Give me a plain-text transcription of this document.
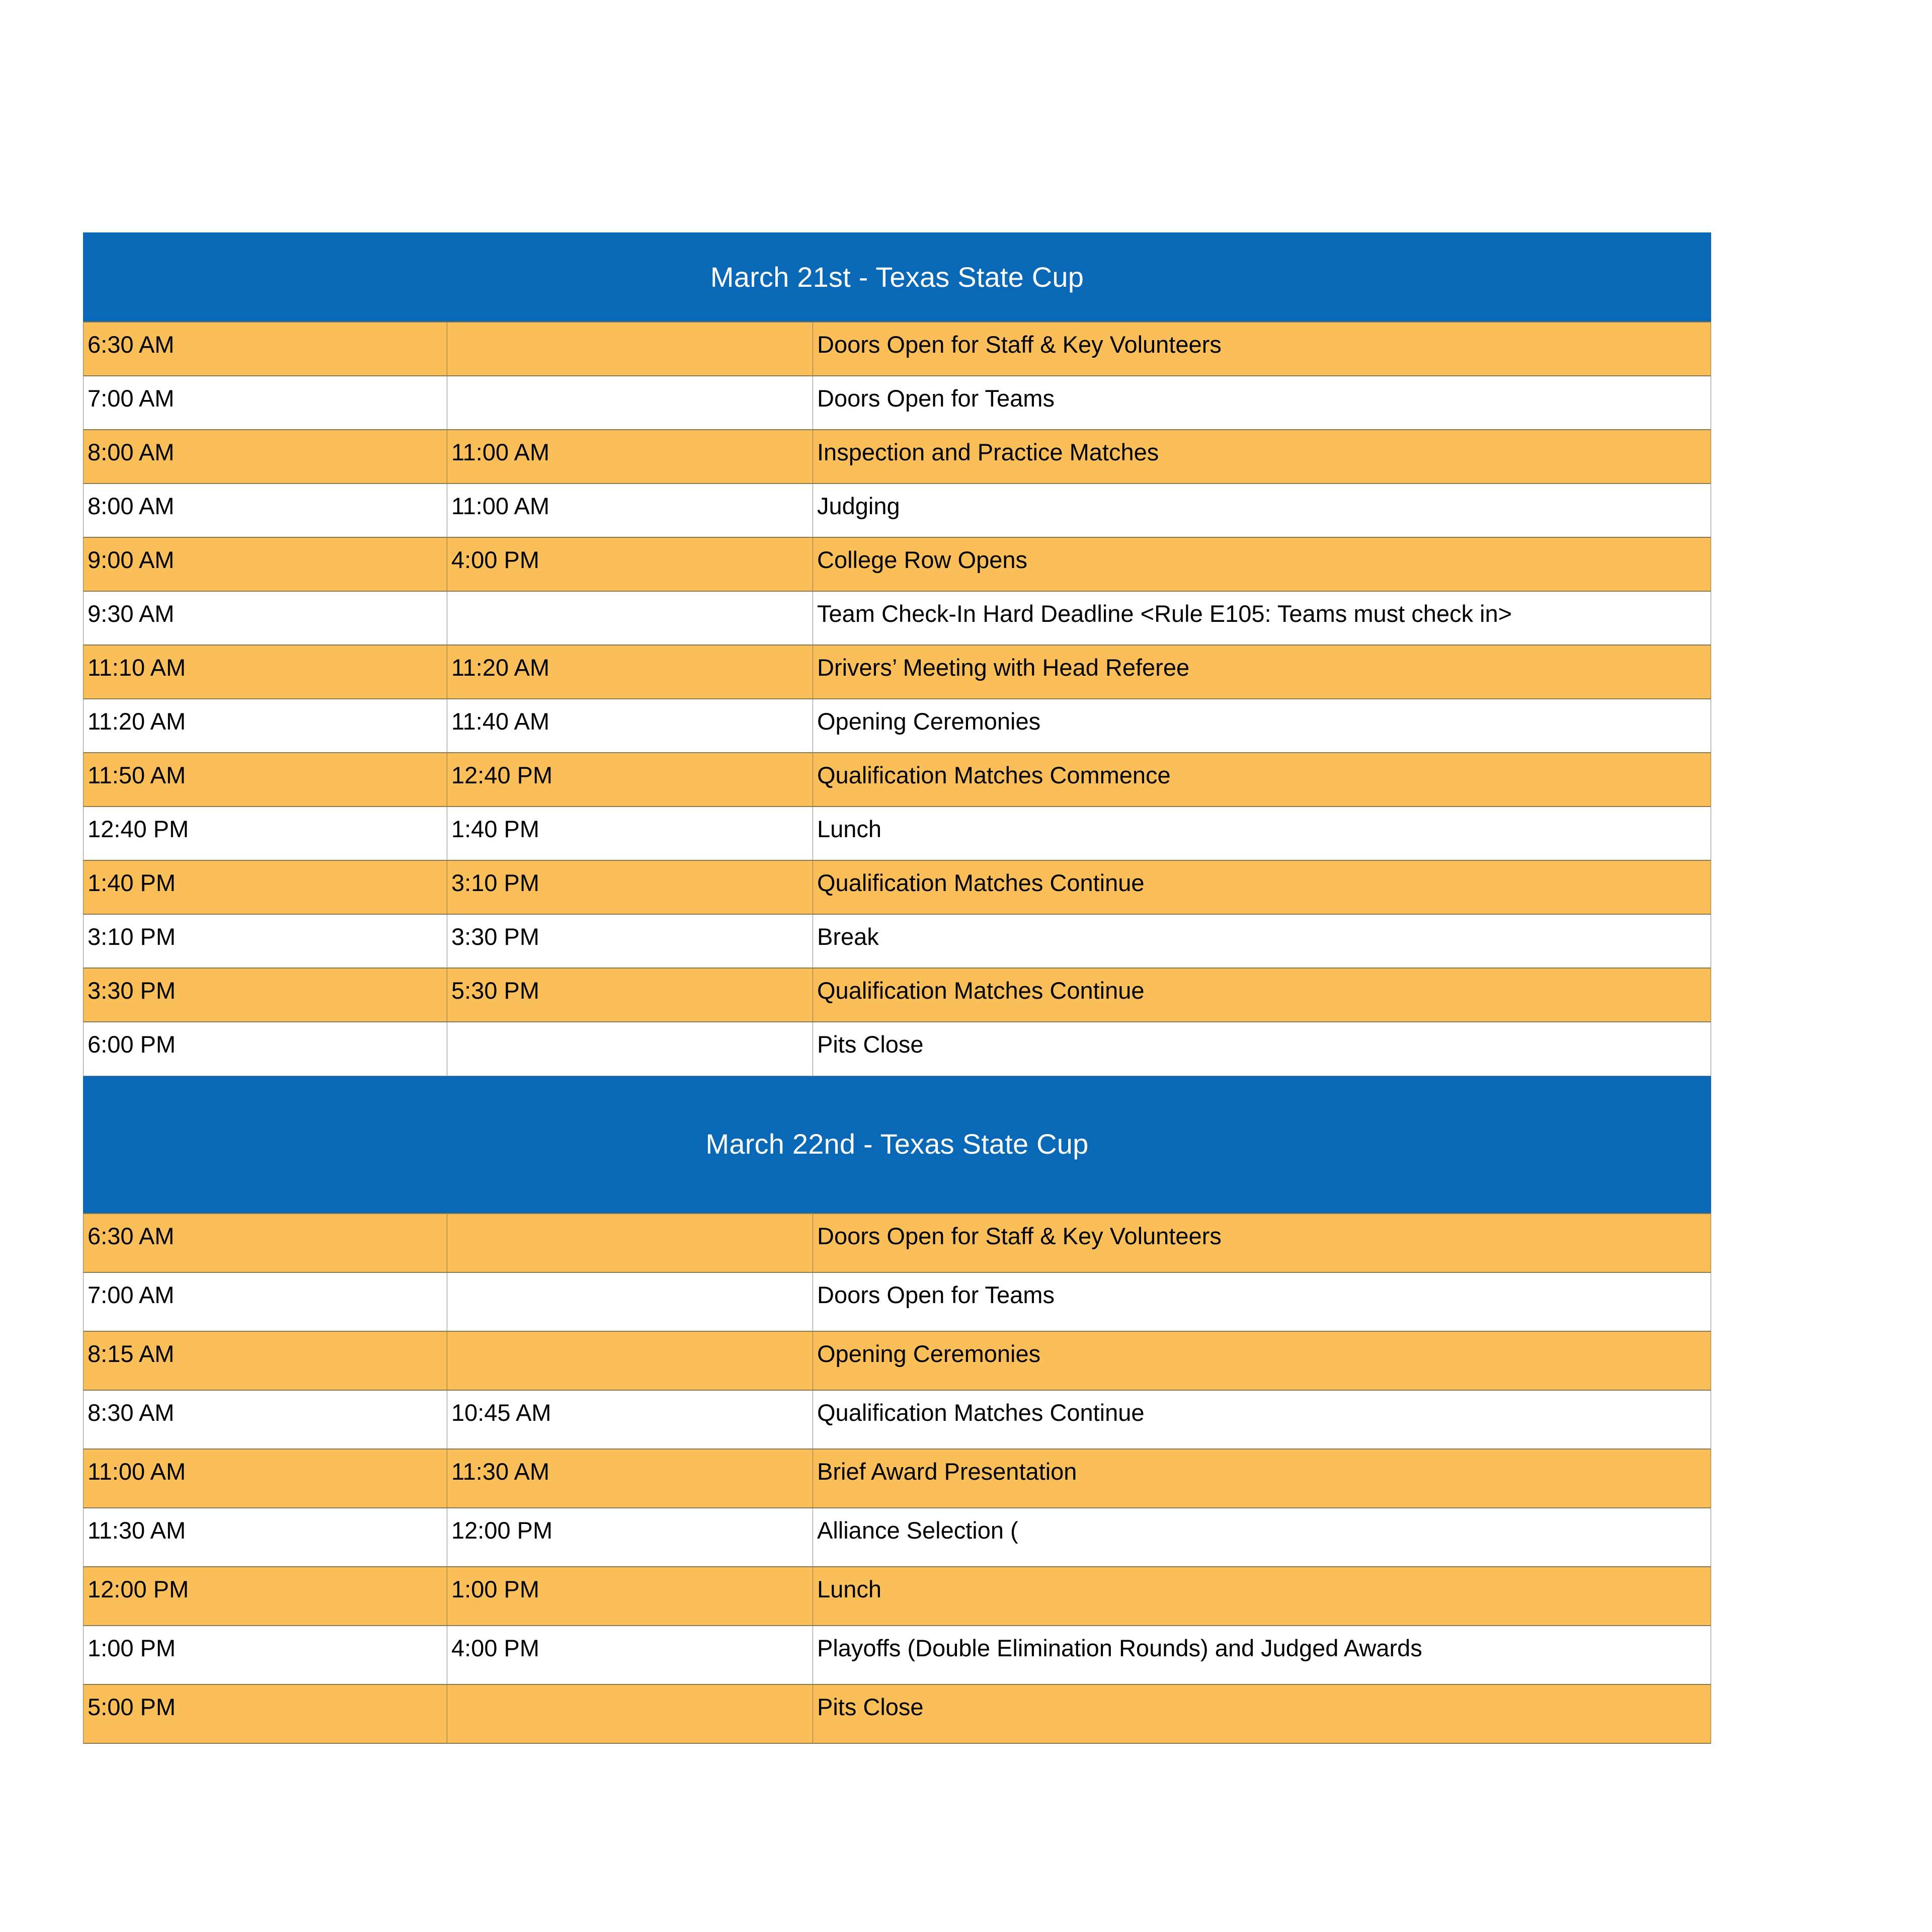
March 21st - Texas State Cup		
6:30 AM		Doors Open for Staff & Key Volunteers
7:00 AM		Doors Open for Teams
8:00 AM	11:00 AM	Inspection and Practice Matches
8:00 AM	11:00 AM	Judging
9:00 AM	4:00 PM	College Row Opens
9:30 AM		Team Check-In Hard Deadline <Rule E105: Teams must check in>
11:10 AM	11:20 AM	Drivers’ Meeting with Head Referee
11:20 AM	11:40 AM	Opening Ceremonies
11:50 AM	12:40 PM	Qualification Matches Commence
12:40 PM	1:40 PM	Lunch
1:40 PM	3:10 PM	Qualification Matches Continue
3:10 PM	3:30 PM	Break
3:30 PM	5:30 PM	Qualification Matches Continue
6:00 PM		Pits Close
March 22nd - Texas State Cup		
6:30 AM		Doors Open for Staff & Key Volunteers
7:00 AM		Doors Open for Teams
8:15 AM		Opening Ceremonies
8:30 AM	10:45 AM	Qualification Matches Continue
11:00 AM	11:30 AM	Brief Award Presentation
11:30 AM	12:00 PM	Alliance Selection (
12:00 PM	1:00 PM	Lunch
1:00 PM	4:00 PM	Playoffs (Double Elimination Rounds) and Judged Awards
5:00 PM		Pits Close
